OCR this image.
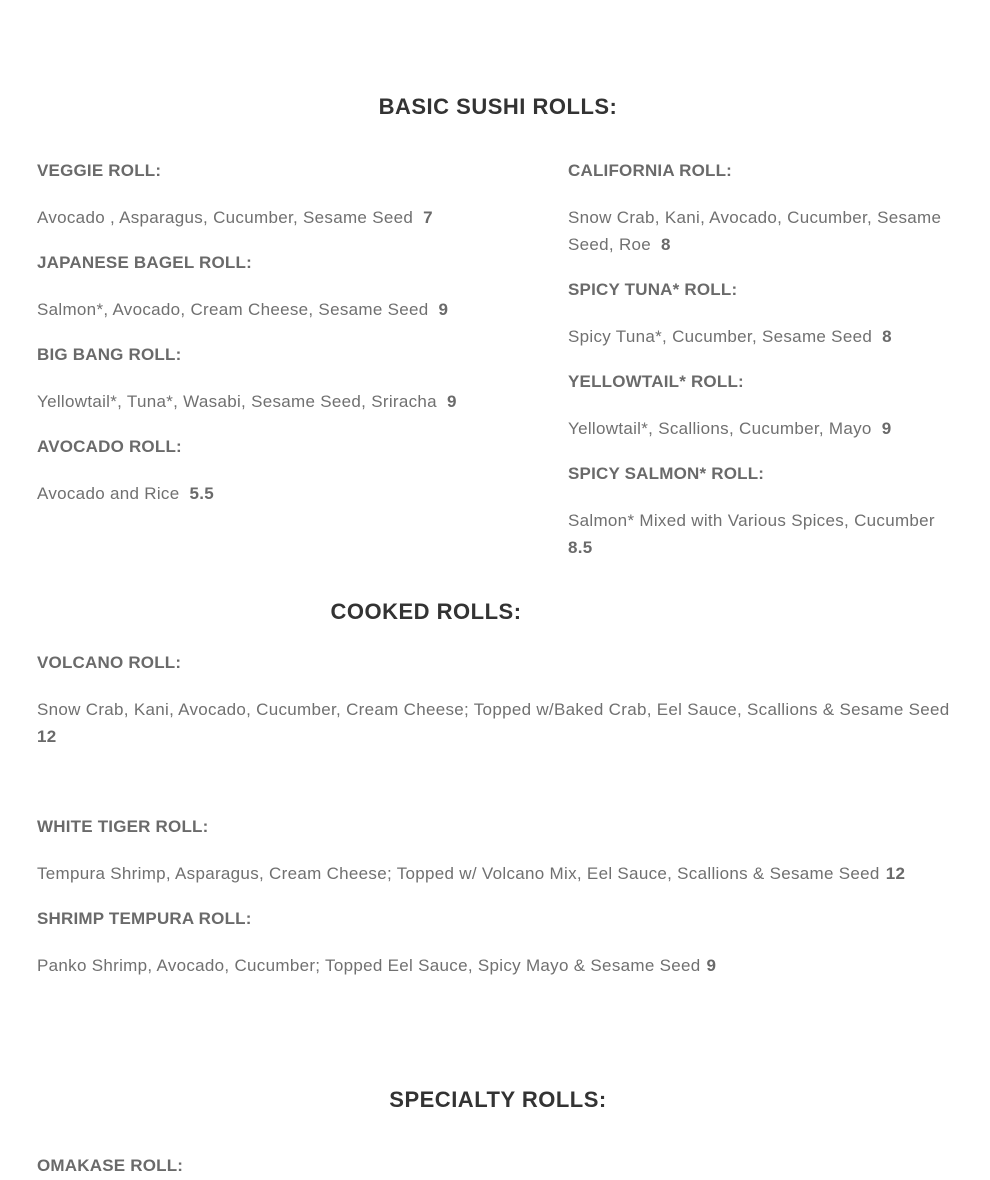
BASIC SUSHI ROLLS:

VEGGIE ROLL:

Avocado , Asparagus, Cucumber, Sesame Seed 7

JAPANESE BAGEL ROLL:

Salmon*, Avocado, Cream Cheese, Sesame Seed 9

BIG BANG ROLL:

Yellowtail*, Tuna*, Wasabi, Sesame Seed, Sriracha 9

AVOCADO ROLL:

Avocado and Rice 5.5

CALIFORNIA ROLL:

Snow Crab, Kani, Avocado, Cucumber, Sesame Seed, Roe 8

SPICY TUNA* ROLL:

Spicy Tuna*, Cucumber, Sesame Seed 8

YELLOWTAIL* ROLL:

Yellowtail*, Scallions, Cucumber, Mayo 9

SPICY SALMON* ROLL:

Salmon* Mixed with Various Spices, Cucumber
8.5

COOKED ROLLS:

VOLCANO ROLL:

Snow Crab, Kani, Avocado, Cucumber, Cream Cheese; Topped w/Baked Crab, Eel Sauce, Scallions & Sesame Seed
12

WHITE TIGER ROLL:

Tempura Shrimp, Asparagus, Cream Cheese; Topped w/ Volcano Mix, Eel Sauce, Scallions & Sesame Seed 12

SHRIMP TEMPURA ROLL:

Panko Shrimp, Avocado, Cucumber; Topped Eel Sauce, Spicy Mayo & Sesame Seed 9

SPECIALTY ROLLS:

OMAKASE ROLL:
